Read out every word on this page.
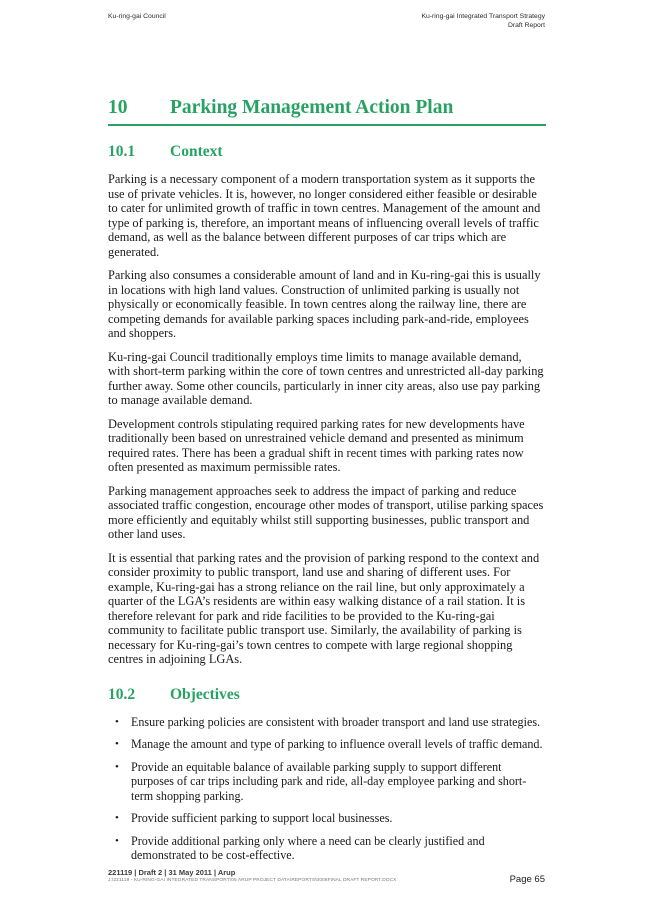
Ku-ring-gai Council	Ku-ring-gai Integrated Transport Strategy
Draft Report
10	Parking Management Action Plan
10.1	Context

Parking is a necessary component of a modern transportation system as it supports the use of private vehicles. It is, however, no longer considered either feasible or desirable to cater for unlimited growth of traffic in town centres. Management of the amount and type of parking is, therefore, an important means of influencing overall levels of traffic demand, as well as the balance between different purposes of car trips which are generated.

Parking also consumes a considerable amount of land and in Ku-ring-gai this is usually in locations with high land values. Construction of unlimited parking is usually not physically or economically feasible. In town centres along the railway line, there are competing demands for available parking spaces including park-and-ride, employees and shoppers.

Ku-ring-gai Council traditionally employs time limits to manage available demand, with short-term parking within the core of town centres and unrestricted all-day parking further away. Some other councils, particularly in inner city areas, also use pay parking to manage available demand.

Development controls stipulating required parking rates for new developments have traditionally been based on unrestrained vehicle demand and presented as minimum required rates. There has been a gradual shift in recent times with parking rates now often presented as maximum permissible rates.

Parking management approaches seek to address the impact of parking and reduce associated traffic congestion, encourage other modes of transport, utilise parking spaces more efficiently and equitably whilst still supporting businesses, public transport and other land uses.

It is essential that parking rates and the provision of parking respond to the context and consider proximity to public transport, land use and sharing of different uses. For example, Ku-ring-gai has a strong reliance on the rail line, but only approximately a quarter of the LGA’s residents are within easy walking distance of a rail station. It is therefore relevant for park and ride facilities to be provided to the Ku-ring-gai community to facilitate public transport use. Similarly, the availability of parking is necessary for Ku-ring-gai’s town centres to compete with large regional shopping centres in adjoining LGAs.

10.2	Objectives
• Ensure parking policies are consistent with broader transport and land use strategies.
• Manage the amount and type of parking to influence overall levels of traffic demand.
• Provide an equitable balance of available parking supply to support different purposes of car trips including park and ride, all-day employee parking and short-term shopping parking.
• Provide sufficient parking to support local businesses.
• Provide additional parking only where a need can be clearly justified and demonstrated to be cost-effective.
221119 | Draft 2 | 31 May 2011 | Arup
J:\221119 - KU-RING-GAI INTEGRATED TRANSPORT\05 ARUP PROJECT DATA\REPORTS\0008FINAL DRAFT REPORT.DOCX	Page 65
